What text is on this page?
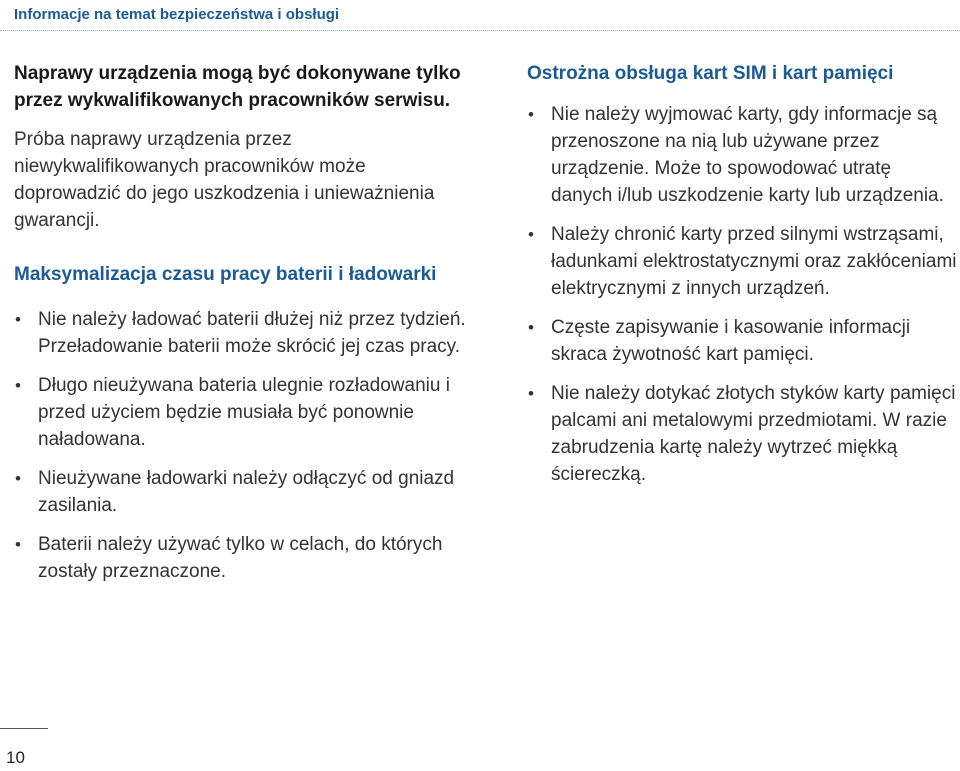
Informacje na temat bezpieczeństwa i obsługi

Naprawy urządzenia mogą być dokonywane tylko przez wykwalifikowanych pracowników serwisu.

Próba naprawy urządzenia przez niewykwalifikowanych pracowników może doprowadzić do jego uszkodzenia i unieważnienia gwarancji.

Maksymalizacja czasu pracy baterii i ładowarki
• Nie należy ładować baterii dłużej niż przez tydzień. Przeładowanie baterii może skrócić jej czas pracy.
• Długo nieużywana bateria ulegnie rozładowaniu i przed użyciem będzie musiała być ponownie naładowana.
• Nieużywane ładowarki należy odłączyć od gniazd zasilania.
• Baterii należy używać tylko w celach, do których zostały przeznaczone.
Ostrożna obsługa kart SIM i kart pamięci
• Nie należy wyjmować karty, gdy informacje są przenoszone na nią lub używane przez urządzenie. Może to spowodować utratę danych i/lub uszkodzenie karty lub urządzenia.
• Należy chronić karty przed silnymi wstrząsami, ładunkami elektrostatycznymi oraz zakłóceniami elektrycznymi z innych urządzeń.
• Częste zapisywanie i kasowanie informacji skraca żywotność kart pamięci.
• Nie należy dotykać złotych styków karty pamięci palcami ani metalowymi przedmiotami. W razie zabrudzenia kartę należy wytrzeć miękką ściereczką.

10
